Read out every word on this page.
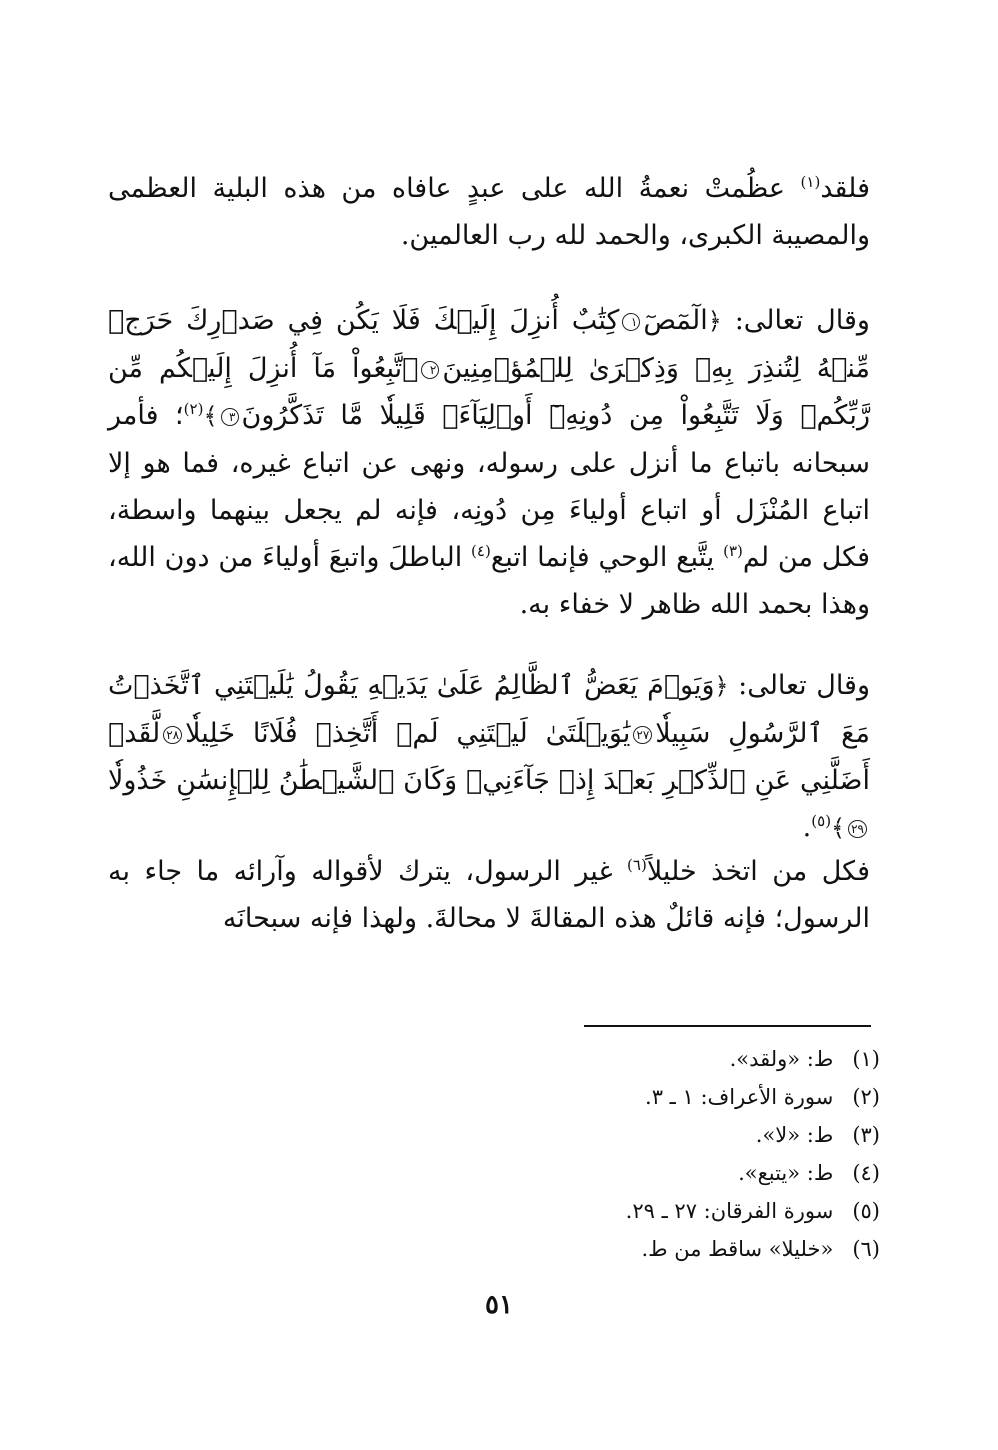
فلقد$^{(١)}$ عظُمتْ نعمةُ الله على عبدٍ عافاه من هذه البلية العظمى والمصيبة الكبرى، والحمد لله رب العالمين.

وقال تعالى: ﴿الٓمٓصٓ١كِتَٰبٌ أُنزِلَ إِلَيۡكَ فَلَا يَكُن فِي صَدۡرِكَ حَرَجٞ مِّنۡهُ لِتُنذِرَ بِهِۦ وَذِكۡرَىٰ لِلۡمُؤۡمِنِينَ٢ٱتَّبِعُواْ مَآ أُنزِلَ إِلَيۡكُم مِّن رَّبِّكُمۡ وَلَا تَتَّبِعُواْ مِن دُونِهِۦٓ أَوۡلِيَآءَۗ قَلِيلٗا مَّا تَذَكَّرُونَ٣﴾$^{(٢)}$؛ فأمر سبحانه باتباع ما أنزل على رسوله، ونهى عن اتباع غيره، فما هو إلا اتباع المُنْزَل أو اتباع أولياءَ مِن دُونِه، فإنه لم يجعل بينهما واسطة، فكل من لم$^{(٣)}$ يتَّبع الوحي فإنما اتبع$^{(٤)}$ الباطلَ واتبعَ أولياءَ من دون الله، وهذا بحمد الله ظاهر لا خفاء به.

وقال تعالى: ﴿وَيَوۡمَ يَعَضُّ ٱلظَّالِمُ عَلَىٰ يَدَيۡهِ يَقُولُ يَٰلَيۡتَنِي ٱتَّخَذۡتُ مَعَ ٱلرَّسُولِ سَبِيلٗا٢٧يَٰوَيۡلَتَىٰ لَيۡتَنِي لَمۡ أَتَّخِذۡ فُلَانًا خَلِيلٗا٢٨لَّقَدۡ أَضَلَّنِي عَنِ ٱلذِّكۡرِ بَعۡدَ إِذۡ جَآءَنِيۗ وَكَانَ ٱلشَّيۡطَٰنُ لِلۡإِنسَٰنِ خَذُولٗا٢٩﴾$^{(٥)}$.

فكل من اتخذ خليلاً$^{(٦)}$ غير الرسول، يترك لأقواله وآرائه ما جاء به الرسول؛ فإنه قائلٌ هذه المقالةَ لا محالةَ. ولهذا فإنه سبحانَه

(١) ط: «ولقد».
(٢) سورة الأعراف: ١ ـ ٣.
(٣) ط: «لا».
(٤) ط: «يتبع».
(٥) سورة الفرقان: ٢٧ ـ ٢٩.
(٦) «خليلا» ساقط من ط.
٥١
